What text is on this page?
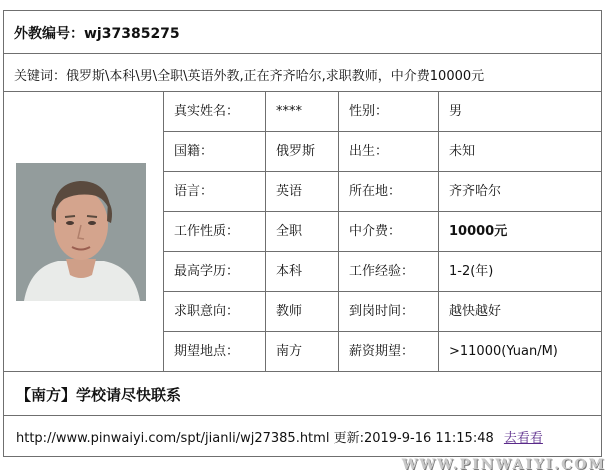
外教编号：wj37385275
关键词：俄罗斯\本科\男\全职\英语外教,正在齐齐哈尔,求职教师，中介费10000元
真实姓名：	****	性别：	男
国籍：	俄罗斯	出生：	未知
语言：	英语	所在地：	齐齐哈尔
工作性质：	全职	中介费：	10000元
最高学历：	本科	工作经验：	1-2(年)
求职意向：	教师	到岗时间：	越快越好
期望地点：	南方	薪资期望：	>11000(Yuan/M)
【南方】学校请尽快联系
http://www.pinwaiyi.com/spt/jianli/wj27385.html 更新:2019-9-16 11:15:48 去看看
WWW.PINWAIYI.COM
